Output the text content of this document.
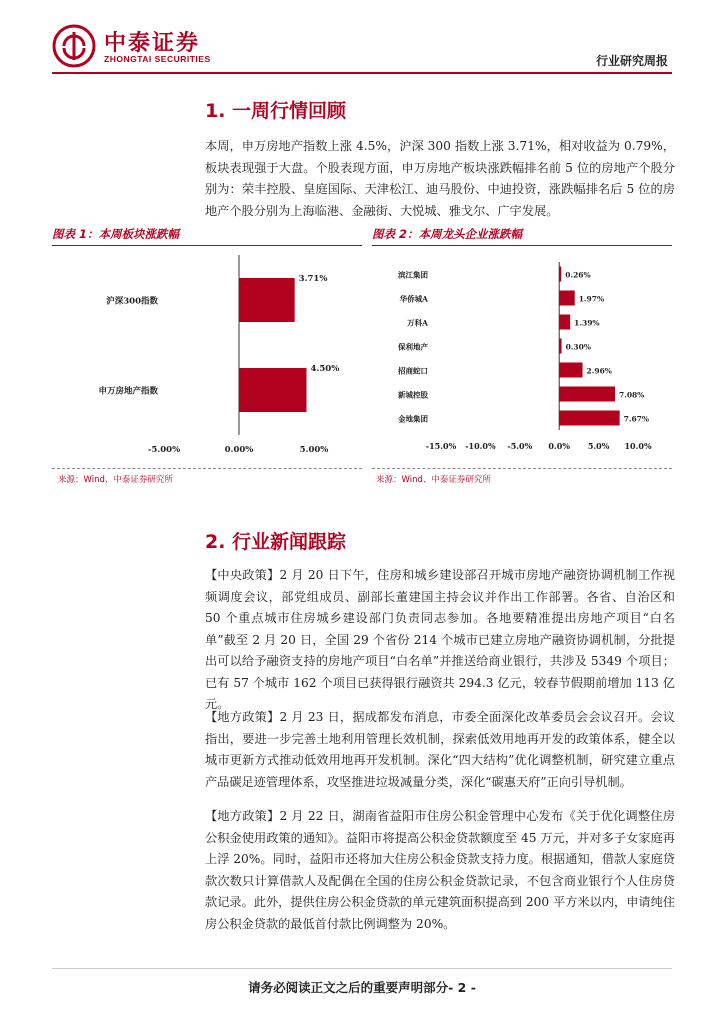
中泰证券
ZHONGTAI SECURITIES	行业研究周报
1. 一周行情回顾
本周，申万房地产指数上涨 4.5%，沪深 300 指数上涨 3.71%，相对收益为 0.79%，板块表现强于大盘。个股表现方面，申万房地产板块涨跌幅排名前 5 位的房地产个股分别为：荣丰控股、皇庭国际、天津松江、迪马股份、中迪投资，涨跌幅排名后 5 位的房地产个股分别为上海临港、金融街、大悦城、雅戈尔、广宇发展。
图表 1：本周板块涨跌幅
沪深300指数
3.71%
申万房地产指数
4.50%
-5.00%	0.00%	5.00%
来源：Wind、中泰证券研究所
图表 2：本周龙头企业涨跌幅
滨江集团	0.26%
华侨城A	1.97%
万科A	1.39%
保利地产	0.30%
招商蛇口	2.96%
新城控股	7.08%
金地集团	7.67%
-15.0% -10.0% -5.0% 0.0% 5.0% 10.0%
来源：Wind、中泰证券研究所
2. 行业新闻跟踪
【中央政策】2 月 20 日下午，住房和城乡建设部召开城市房地产融资协调机制工作视频调度会议，部党组成员、副部长董建国主持会议并作出工作部署。各省、自治区和 50 个重点城市住房城乡建设部门负责同志参加。各地要精准提出房地产项目“白名单”截至 2 月 20 日，全国 29 个省份 214 个城市已建立房地产融资协调机制，分批提出可以给予融资支持的房地产项目“白名单”并推送给商业银行，共涉及 5349 个项目；已有 57 个城市 162 个项目已获得银行融资共 294.3 亿元，较春节假期前增加 113 亿元。
【地方政策】2 月 23 日，据成都发布消息，市委全面深化改革委员会会议召开。会议指出，要进一步完善土地利用管理长效机制，探索低效用地再开发的政策体系，健全以城市更新方式推动低效用地再开发机制。深化“四大结构”优化调整机制，研究建立重点产品碳足迹管理体系，攻坚推进垃圾减量分类，深化“碳惠天府”正向引导机制。
【地方政策】2 月 22 日，湖南省益阳市住房公积金管理中心发布《关于优化调整住房公积金使用政策的通知》。益阳市将提高公积金贷款额度至 45 万元，并对多子女家庭再上浮 20%。同时，益阳市还将加大住房公积金贷款支持力度。根据通知，借款人家庭贷款次数只计算借款人及配偶在全国的住房公积金贷款记录，不包含商业银行个人住房贷款记录。此外，提供住房公积金贷款的单元建筑面积提高到 200 平方米以内，申请纯住房公积金贷款的最低首付款比例调整为 20%。
请务必阅读正文之后的重要声明部分- 2 -
